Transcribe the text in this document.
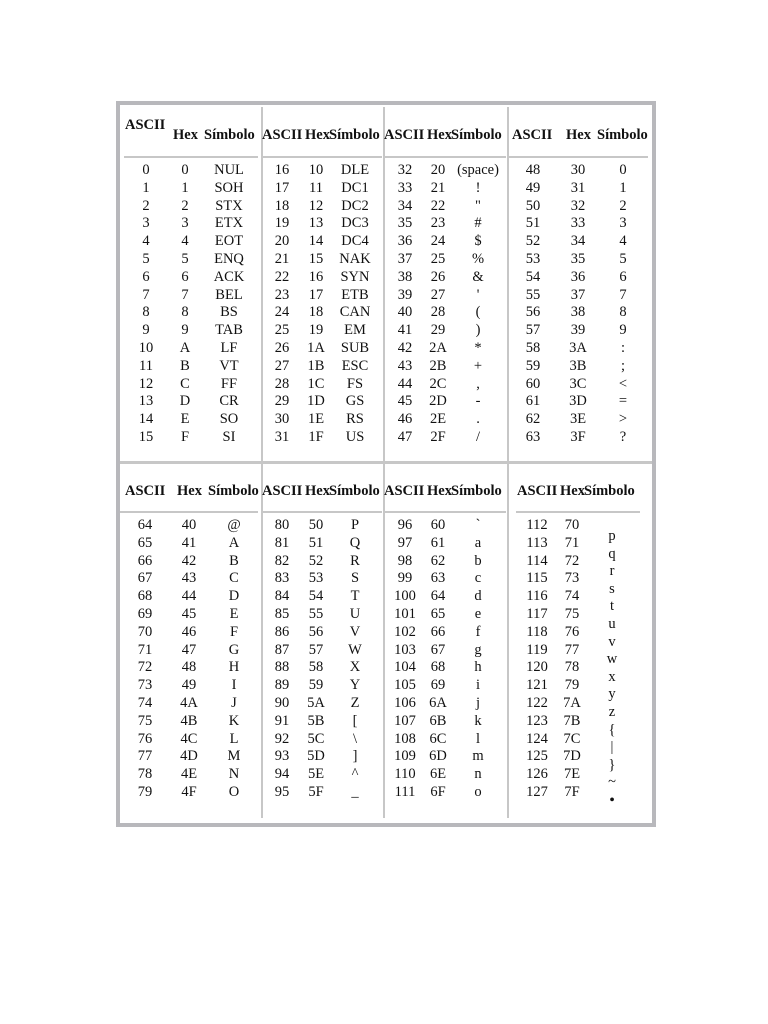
ASCII
Hex Símbolo ASCII Hex Símbolo ASCII Hex Símbolo ASCII Hex Símbolo
ASCII Hex Símbolo ASCII Hex Símbolo ASCII Hex Símbolo ASCII Hex Símbolo
0 0 NUL
1 1 SOH
2 2 STX
3 3 ETX
4 4 EOT
5 5 ENQ
6 6 ACK
7 7 BEL
8 8 BS
9 9 TAB
10 A LF
11 B VT
12 C FF
13 D CR
14 E SO
15 F SI
16 10 DLE
17 11 DC1
18 12 DC2
19 13 DC3
20 14 DC4
21 15 NAK
22 16 SYN
23 17 ETB
24 18 CAN
25 19 EM
26 1A SUB
27 1B ESC
28 1C FS
29 1D GS
30 1E RS
31 1F US
32 20 (space)
33 21 !
34 22 "
35 23 #
36 24 $
37 25 %
38 26 &
39 27 '
40 28 (
41 29 )
42 2A *
43 2B +
44 2C ,
45 2D -
46 2E .
47 2F /
48 30 0
49 31 1
50 32 2
51 33 3
52 34 4
53 35 5
54 36 6
55 37 7
56 38 8
57 39 9
58 3A :
59 3B ;
60 3C <
61 3D =
62 3E >
63 3F ?
64 40 @
65 41 A
66 42 B
67 43 C
68 44 D
69 45 E
70 46 F
71 47 G
72 48 H
73 49 I
74 4A J
75 4B K
76 4C L
77 4D M
78 4E N
79 4F O
80 50 P
81 51 Q
82 52 R
83 53 S
84 54 T
85 55 U
86 56 V
87 57 W
88 58 X
89 59 Y
90 5A Z
91 5B [
92 5C \
93 5D ]
94 5E ^
95 5F _
96 60 `
97 61 a
98 62 b
99 63 c
100 64 d
101 65 e
102 66 f
103 67 g
104 68 h
105 69 i
106 6A j
107 6B k
108 6C l
109 6D m
110 6E n
111 6F o
112 70
113 71
114 72
115 73
116 74
117 75
118 76
119 77
120 78
121 79
122 7A
123 7B
124 7C
125 7D
126 7E
127 7F
p
q
r
s
t
u
v
w
x
y
z
{
|
}
~
•
